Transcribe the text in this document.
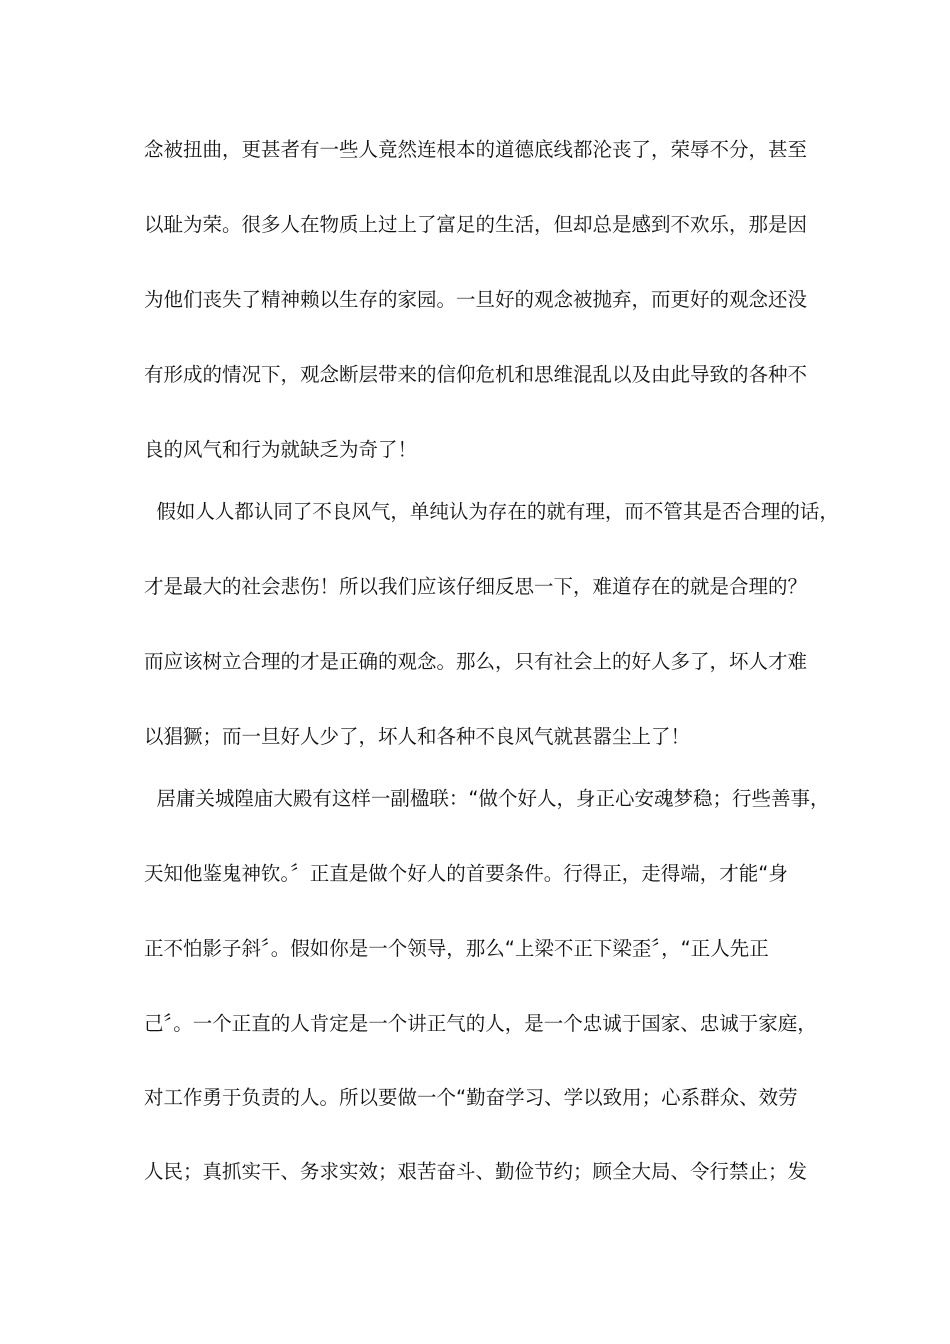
念被扭曲，更甚者有一些人竟然连根本的道德底线都沦丧了，荣辱不分，甚至
以耻为荣。很多人在物质上过上了富足的生活，但却总是感到不欢乐，那是因
为他们丧失了精神赖以生存的家园。一旦好的观念被抛弃，而更好的观念还没
有形成的情况下，观念断层带来的信仰危机和思维混乱以及由此导致的各种不
良的风气和行为就缺乏为奇了！
假如人人都认同了不良风气，单纯认为存在的就有理，而不管其是否合理的话，
才是最大的社会悲伤！所以我们应该仔细反思一下，难道存在的就是合理的？
而应该树立合理的才是正确的观念。那么，只有社会上的好人多了，坏人才难
以猖獗；而一旦好人少了，坏人和各种不良风气就甚嚣尘上了！
居庸关城隍庙大殿有这样一副楹联：“做个好人，身正心安魂梦稳；行些善事，
天知他鉴鬼神钦。〞正直是做个好人的首要条件。行得正，走得端，才能“身
正不怕影子斜〞。假如你是一个领导，那么“上梁不正下梁歪〞，“正人先正
己〞。一个正直的人肯定是一个讲正气的人，是一个忠诚于国家、忠诚于家庭，
对工作勇于负责的人。所以要做一个“勤奋学习、学以致用；心系群众、效劳
人民；真抓实干、务求实效；艰苦奋斗、勤俭节约；顾全大局、令行禁止；发
